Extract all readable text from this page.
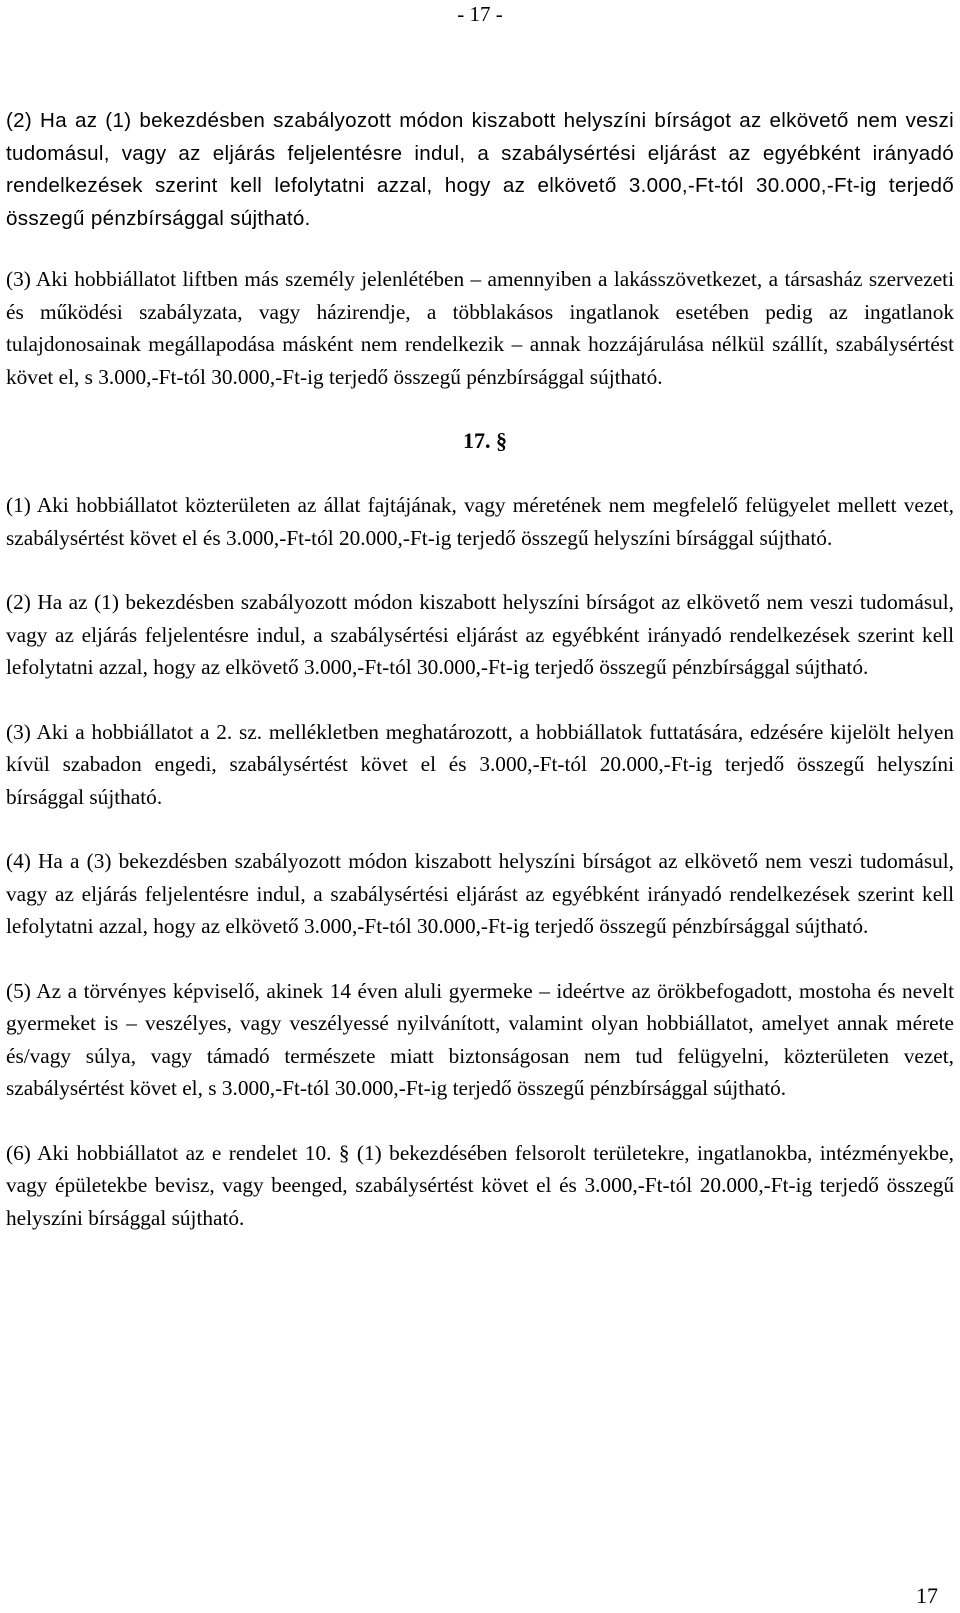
- 17 -

(2) Ha az (1) bekezdésben szabályozott módon kiszabott helyszíni bírságot az elkövető nem veszi tudomásul, vagy az eljárás feljelentésre indul, a szabálysértési eljárást az egyébként irányadó rendelkezések szerint kell lefolytatni azzal, hogy az elkövető 3.000,-Ft-tól 30.000,-Ft-ig terjedő összegű pénzbírsággal sújtható.

(3) Aki hobbiállatot liftben más személy jelenlétében – amennyiben a lakásszövetkezet, a társasház szervezeti és működési szabályzata, vagy házirendje, a többlakásos ingatlanok esetében pedig az ingatlanok tulajdonosainak megállapodása másként nem rendelkezik – annak hozzájárulása nélkül szállít, szabálysértést követ el, s 3.000,-Ft-tól 30.000,-Ft-ig terjedő összegű pénzbírsággal sújtható.

17. §

(1) Aki hobbiállatot közterületen az állat fajtájának, vagy méretének nem megfelelő felügyelet mellett vezet, szabálysértést követ el és 3.000,-Ft-tól 20.000,-Ft-ig terjedő összegű helyszíni bírsággal sújtható.

(2) Ha az (1) bekezdésben szabályozott módon kiszabott helyszíni bírságot az elkövető nem veszi tudomásul, vagy az eljárás feljelentésre indul, a szabálysértési eljárást az egyébként irányadó rendelkezések szerint kell lefolytatni azzal, hogy az elkövető 3.000,-Ft-tól 30.000,-Ft-ig terjedő összegű pénzbírsággal sújtható.

(3) Aki a hobbiállatot a 2. sz. mellékletben meghatározott, a hobbiállatok futtatására, edzésére kijelölt helyen kívül szabadon engedi, szabálysértést követ el és 3.000,-Ft-tól 20.000,-Ft-ig terjedő összegű helyszíni bírsággal sújtható.

(4) Ha a (3) bekezdésben szabályozott módon kiszabott helyszíni bírságot az elkövető nem veszi tudomásul, vagy az eljárás feljelentésre indul, a szabálysértési eljárást az egyébként irányadó rendelkezések szerint kell lefolytatni azzal, hogy az elkövető 3.000,-Ft-tól 30.000,-Ft-ig terjedő összegű pénzbírsággal sújtható.

(5) Az a törvényes képviselő, akinek 14 éven aluli gyermeke – ideértve az örökbefogadott, mostoha és nevelt gyermeket is – veszélyes, vagy veszélyessé nyilvánított, valamint olyan hobbiállatot, amelyet annak mérete és/vagy súlya, vagy támadó természete miatt biztonságosan nem tud felügyelni, közterületen vezet, szabálysértést követ el, s 3.000,-Ft-tól 30.000,-Ft-ig terjedő összegű pénzbírsággal sújtható.

(6) Aki hobbiállatot az e rendelet 10. § (1) bekezdésében felsorolt területekre, ingatlanokba, intézményekbe, vagy épületekbe bevisz, vagy beenged, szabálysértést követ el és 3.000,-Ft-tól 20.000,-Ft-ig terjedő összegű helyszíni bírsággal sújtható.

17
